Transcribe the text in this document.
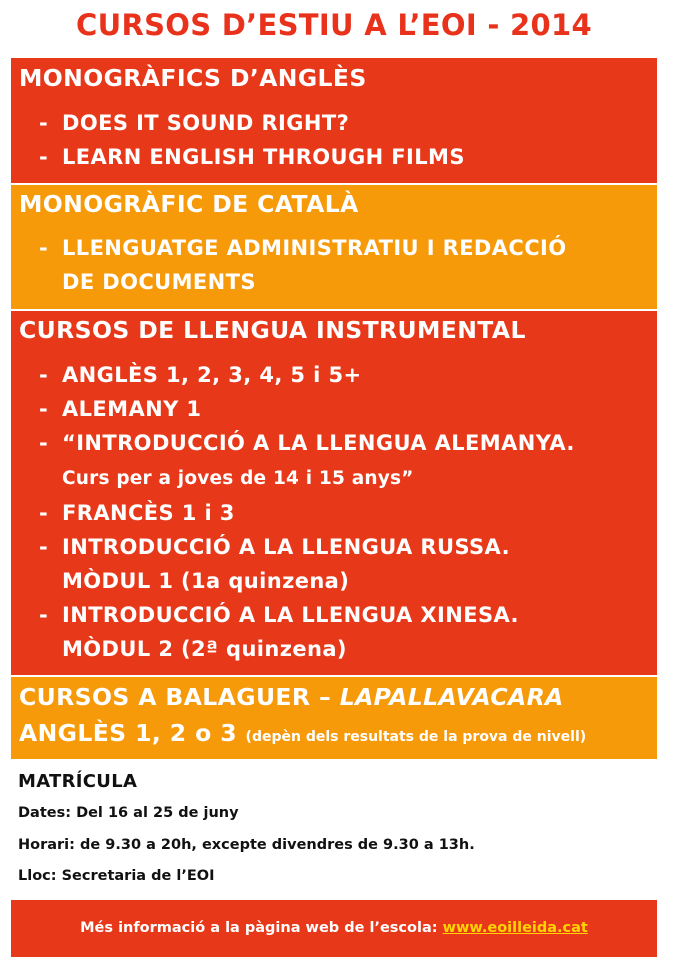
CURSOS D’ESTIU A L’EOI - 2014
MONOGRÀFICS D’ANGLÈS
- DOES IT SOUND RIGHT?
- LEARN ENGLISH THROUGH FILMS
MONOGRÀFIC DE CATALÀ
- LLENGUATGE ADMINISTRATIU I REDACCIÓ
DE DOCUMENTS
CURSOS DE LLENGUA INSTRUMENTAL
- ANGLÈS 1, 2, 3, 4, 5 i 5+
- ALEMANY 1
- “INTRODUCCIÓ A LA LLENGUA ALEMANYA.
Curs per a joves de 14 i 15 anys”
- FRANCÈS 1 i 3
- INTRODUCCIÓ A LA LLENGUA RUSSA.
MÒDUL 1 (1a quinzena)
- INTRODUCCIÓ A LA LLENGUA XINESA.
MÒDUL 2 (2ª quinzena)
CURSOS A BALAGUER – LAPALLAVACARA
ANGLÈS 1, 2 o 3 (depèn dels resultats de la prova de nivell)
MATRÍCULA
Dates: Del 16 al 25 de juny
Horari: de 9.30 a 20h, excepte divendres de 9.30 a 13h.
Lloc: Secretaria de l’EOI
Més informació a la pàgina web de l’escola: www.eoilleida.cat
